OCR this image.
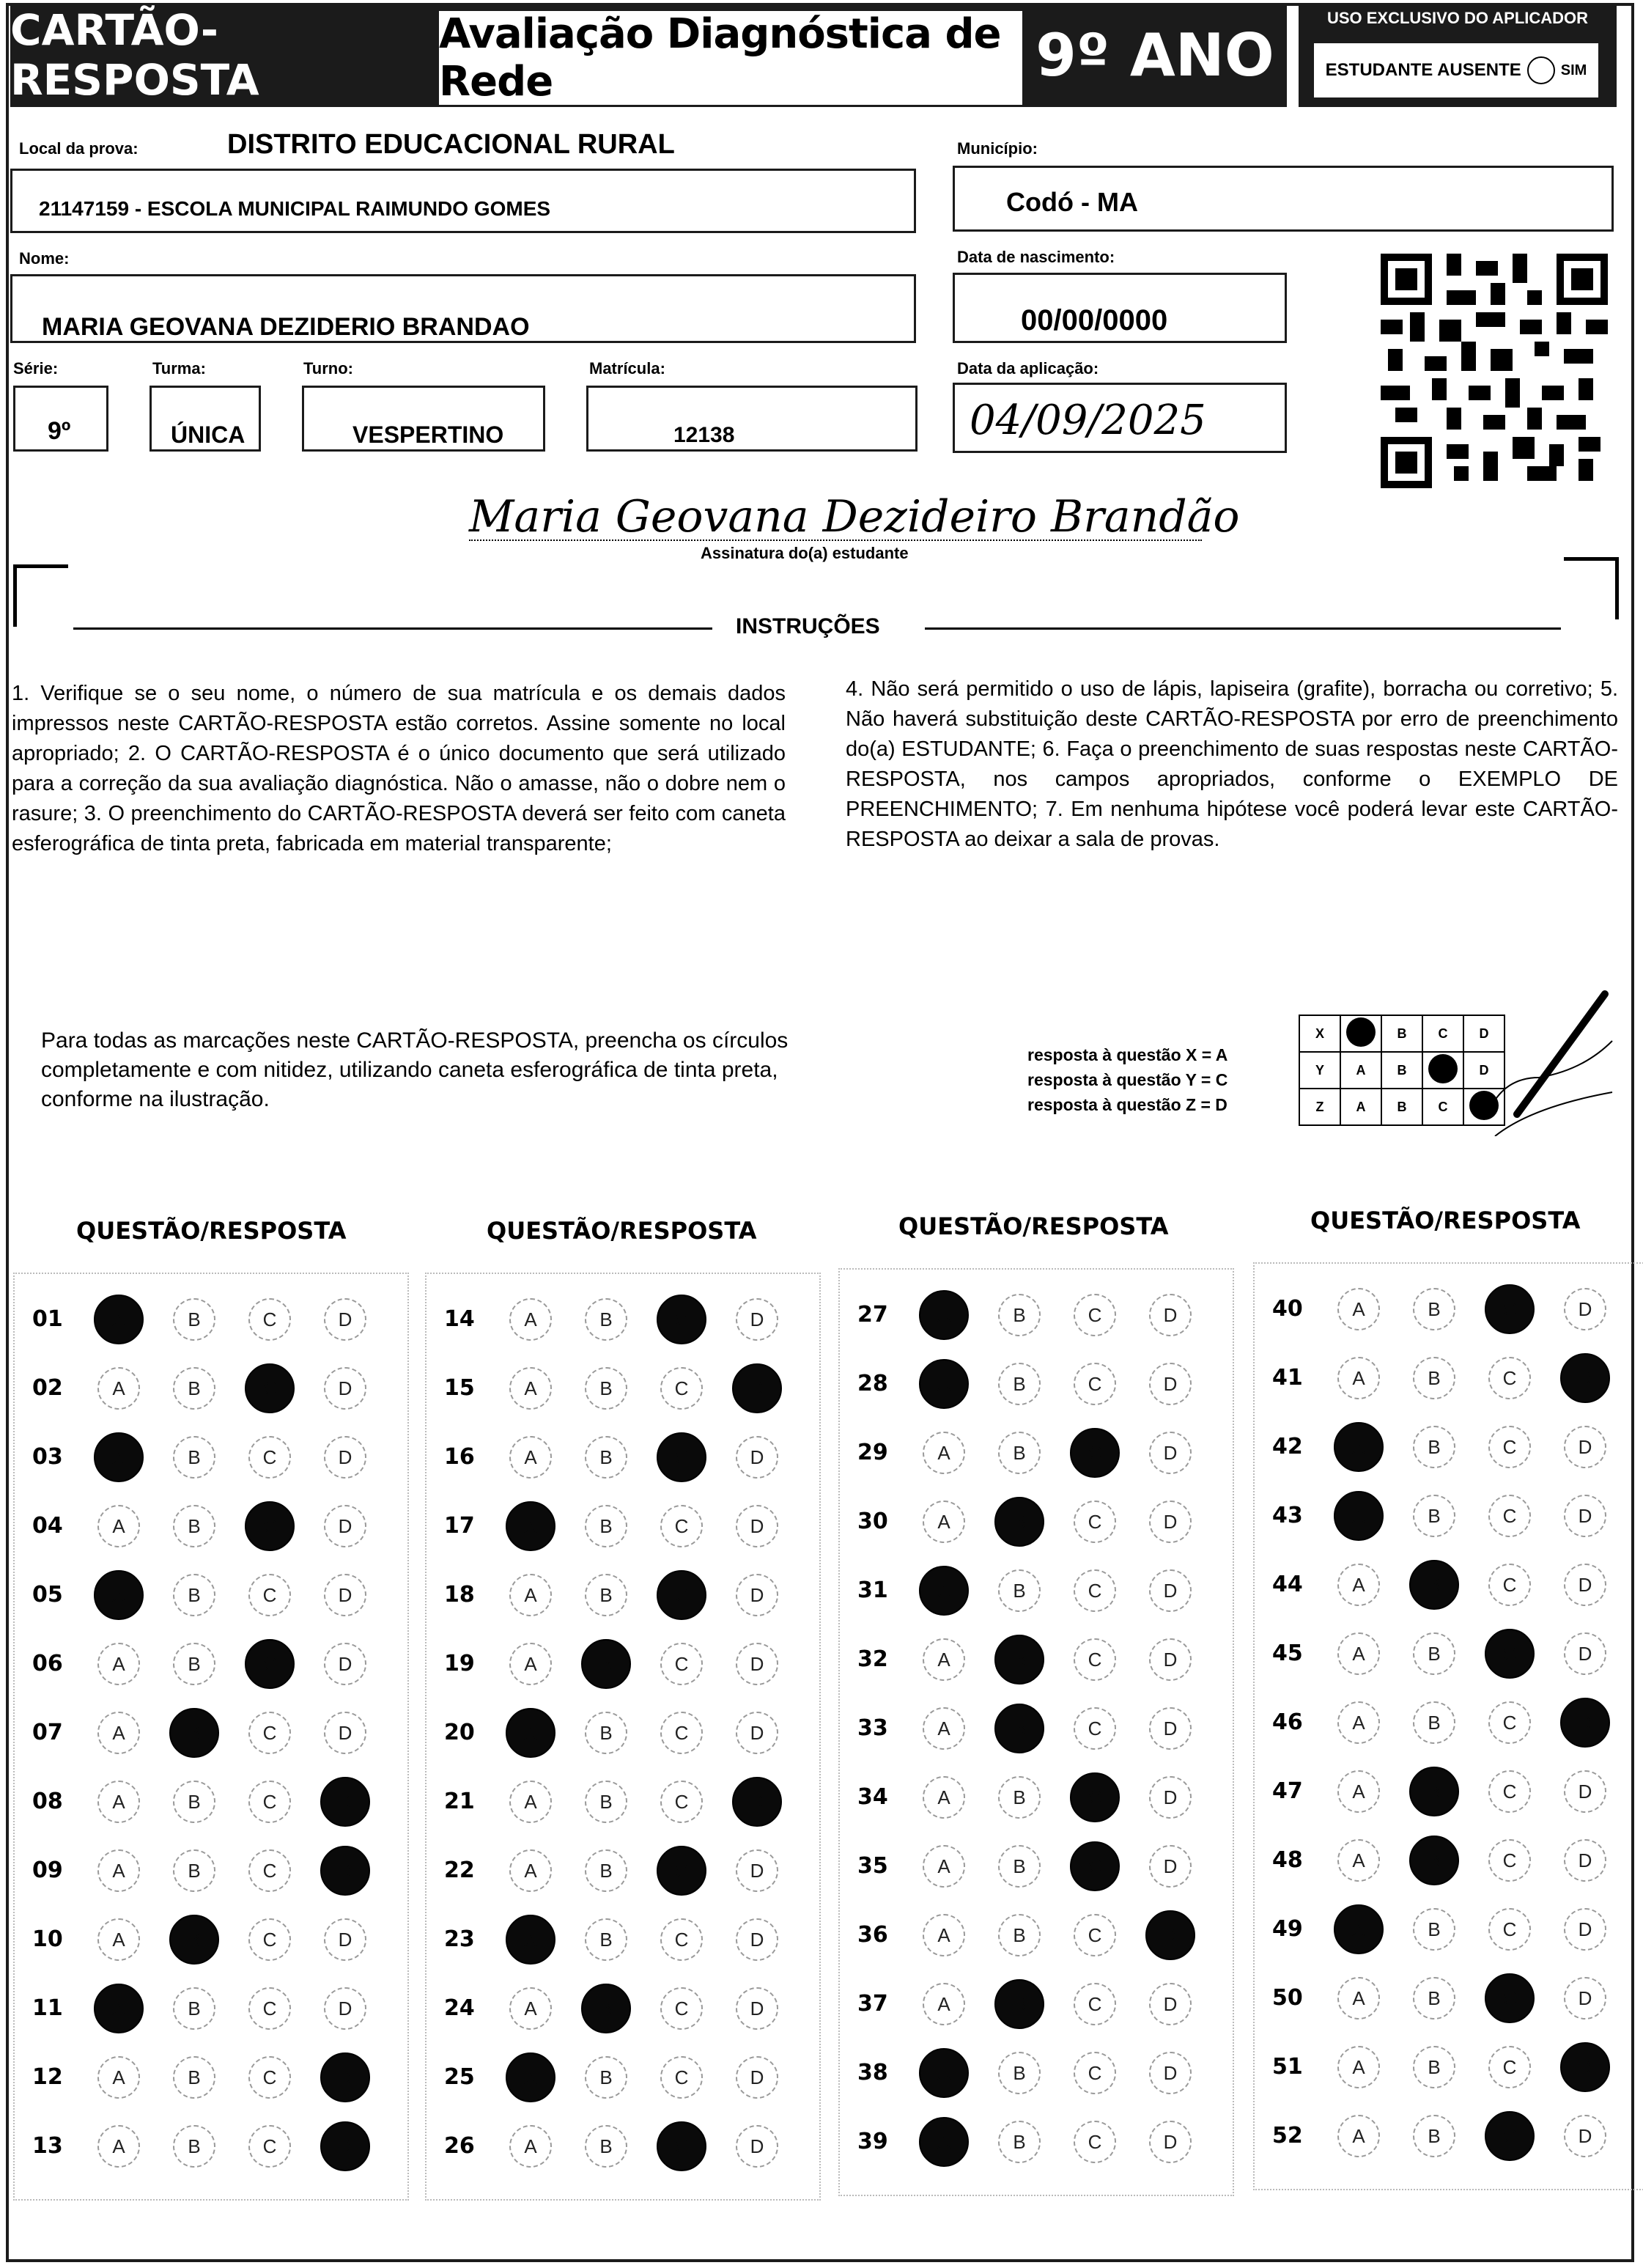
CARTÃO-RESPOSTA
Avaliação Diagnóstica de Rede	9º ANO
USO EXCLUSIVO DO APLICADOR
ESTUDANTE AUSENTE	SIM
Local da prova:	DISTRITO EDUCACIONAL RURAL
21147159 - ESCOLA MUNICIPAL RAIMUNDO GOMES
Município:
Codó - MA
Nome:
MARIA GEOVANA DEZIDERIO BRANDAO
Data de nascimento:
00/00/0000
Série:
9º
Turma:
ÚNICA
Turno:
VESPERTINO
Matrícula:
12138
Data da aplicação:
04/09/2025
Maria Geovana Dezideiro Brandão
Assinatura do(a) estudante
INSTRUÇÕES
1. Verifique se o seu nome, o número de sua matrícula e os demais dados impressos neste CARTÃO-RESPOSTA estão corretos. Assine somente no local apropriado; 2. O CARTÃO-RESPOSTA é o único documento que será utilizado para a correção da sua avaliação diagnóstica. Não o amasse, não o dobre nem o rasure; 3. O preenchimento do CARTÃO-RESPOSTA deverá ser feito com caneta esferográfica de tinta preta, fabricada em material transparente;
4. Não será permitido o uso de lápis, lapiseira (grafite), borracha ou corretivo; 5. Não haverá substituição deste CARTÃO-RESPOSTA por erro de preenchimento do(a) ESTUDANTE; 6. Faça o preenchimento de suas respostas neste CARTÃO-RESPOSTA, nos campos apropriados, conforme o EXEMPLO DE PREENCHIMENTO; 7. Em nenhuma hipótese você poderá levar este CARTÃO-RESPOSTA ao deixar a sala de provas.
Para todas as marcações neste CARTÃO-RESPOSTA, preencha os círculos completamente e com nitidez, utilizando caneta esferográfica de tinta preta, conforme na ilustração.
resposta à questão X = A
resposta à questão Y = C
resposta à questão Z = D
X		B	C	D
Y	A	B		D
Z	A	B	C	
QUESTÃO/RESPOSTA
01	A	B	C	D
02	A	B	C	D
03	A	B	C	D
04	A	B	C	D
05	A	B	C	D
06	A	B	C	D
07	A	B	C	D
08	A	B	C	D
09	A	B	C	D
10	A	B	C	D
11	A	B	C	D
12	A	B	C	D
13	A	B	C	D
QUESTÃO/RESPOSTA
14	A	B	C	D
15	A	B	C	D
16	A	B	C	D
17	A	B	C	D
18	A	B	C	D
19	A	B	C	D
20	A	B	C	D
21	A	B	C	D
22	A	B	C	D
23	A	B	C	D
24	A	B	C	D
25	A	B	C	D
26	A	B	C	D
QUESTÃO/RESPOSTA
27	A	B	C	D
28	A	B	C	D
29	A	B	C	D
30	A	B	C	D
31	A	B	C	D
32	A	B	C	D
33	A	B	C	D
34	A	B	C	D
35	A	B	C	D
36	A	B	C	D
37	A	B	C	D
38	A	B	C	D
39	A	B	C	D
QUESTÃO/RESPOSTA
40	A	B	C	D
41	A	B	C	D
42	A	B	C	D
43	A	B	C	D
44	A	B	C	D
45	A	B	C	D
46	A	B	C	D
47	A	B	C	D
48	A	B	C	D
49	A	B	C	D
50	A	B	C	D
51	A	B	C	D
52	A	B	C	D
